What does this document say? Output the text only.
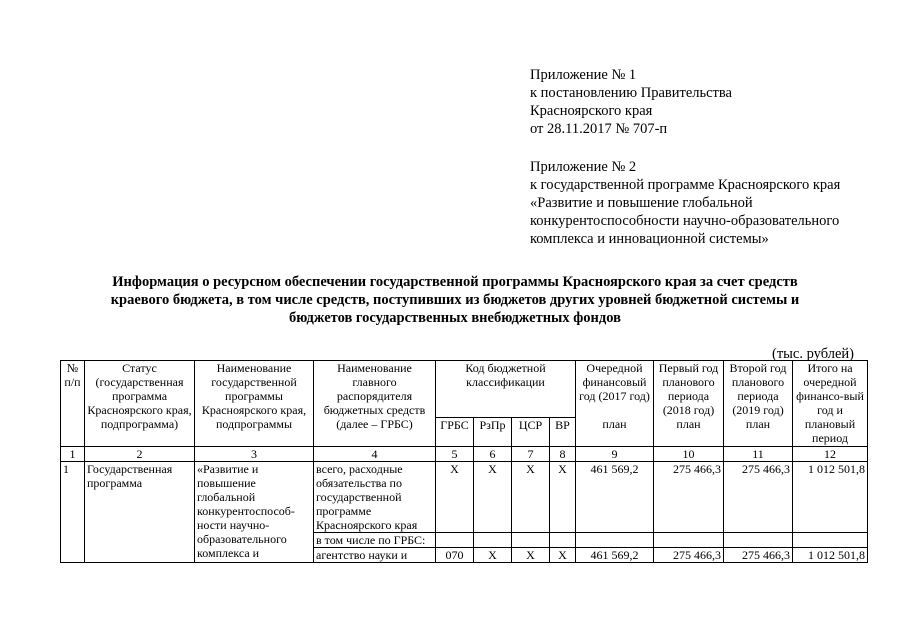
Приложение № 1
к постановлению Правительства
Красноярского края
от 28.11.2017 № 707-п
Приложение № 2
к государственной программе Красноярского края
«Развитие и повышение глобальной
конкурентоспособности научно-образовательного
комплекса и инновационной системы»
Информация о ресурсном обеспечении государственной программы Красноярского края за счет средств
краевого бюджета, в том числе средств, поступивших из бюджетов других уровней бюджетной системы и
бюджетов государственных внебюджетных фондов
(тыс. рублей)
№ п/п	Статус (государственная программа Красноярского края, подпрограмма)	Наименование государственной программы Красноярского края, подпрограммы	Наименование главного распорядителя бюджетных средств (далее – ГРБС)	Код бюджетной классификации				Очередной финансовый год (2017 год)	Первый год планового периода (2018 год)	Второй год планового периода (2019 год)	Итого на очередной финансо-вый год и плановый период
				ГРБС	РзПр	ЦСР	ВР	план	план	план	
1	2	3	4	5	6	7	8	9	10	11	12
1	Государственная программа	«Развитие и повышение глобальной конкурентоспособ-ности научно-образовательного комплекса и	всего, расходные обязательства по государственной программе Красноярского края	Х	Х	Х	Х	461 569,2	275 466,3	275 466,3	1 012 501,8
			в том числе по ГРБС:								
			агентство науки и	070	Х	Х	Х	461 569,2	275 466,3	275 466,3	1 012 501,8
